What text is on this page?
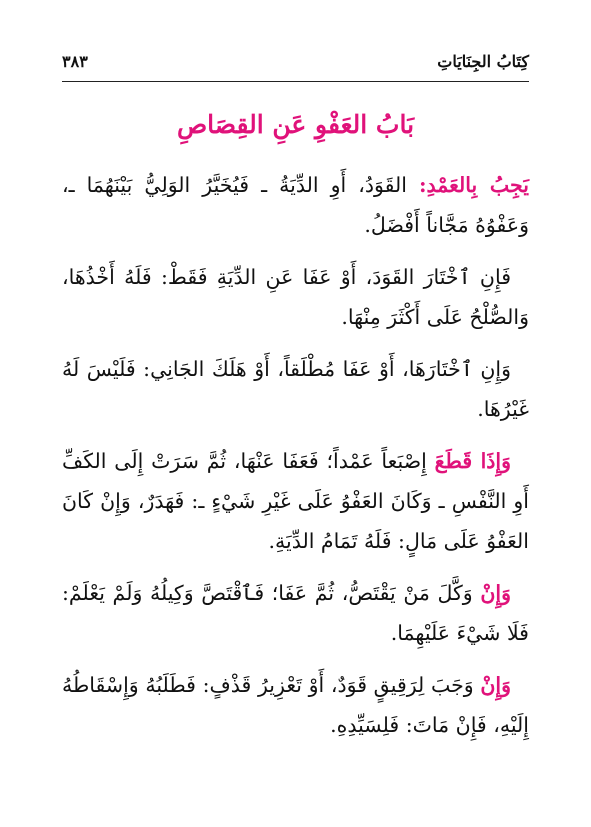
كِتَابُ الجِنَايَاتِ
٣٨٣
بَابُ العَفْوِ عَنِ القِصَاصِ

يَجِبُ بِالعَمْدِ: القَوَدُ، أَوِ الدِّيَةُ ـ فَيُخَيَّرُ الوَلِيُّ بَيْنَهُمَا ـ، وَعَفْوُهُ مَجَّاناً أَفْضَلُ.

فَإِنِ ٱخْتَارَ القَوَدَ، أَوْ عَفَا عَنِ الدِّيَةِ فَقَطْ: فَلَهُ أَخْذُهَا، وَالصُّلْحُ عَلَى أَكْثَرَ مِنْهَا.

وَإِنِ ٱخْتَارَهَا، أَوْ عَفَا مُطْلَقاً، أَوْ هَلَكَ الجَانِي: فَلَيْسَ لَهُ غَيْرُهَا.

وَإِذَا قَطَعَ إِصْبَعاً عَمْداً؛ فَعَفَا عَنْهَا، ثُمَّ سَرَتْ إِلَى الكَفِّ أَوِ النَّفْسِ ـ وَكَانَ العَفْوُ عَلَى غَيْرِ شَيْءٍ ـ: فَهَدَرٌ، وَإِنْ كَانَ العَفْوُ عَلَى مَالٍ: فَلَهُ تَمَامُ الدِّيَةِ.

وَإِنْ وَكَّلَ مَنْ يَقْتَصُّ، ثُمَّ عَفَا؛ فَٱقْتَصَّ وَكِيلُهُ وَلَمْ يَعْلَمْ: فَلَا شَيْءَ عَلَيْهِمَا.

وَإِنْ وَجَبَ لِرَقِيقٍ قَوَدٌ، أَوْ تَعْزِيرُ قَذْفٍ: فَطَلَبُهُ وَإِسْقَاطُهُ إِلَيْهِ، فَإِنْ مَاتَ: فَلِسَيِّدِهِ.
